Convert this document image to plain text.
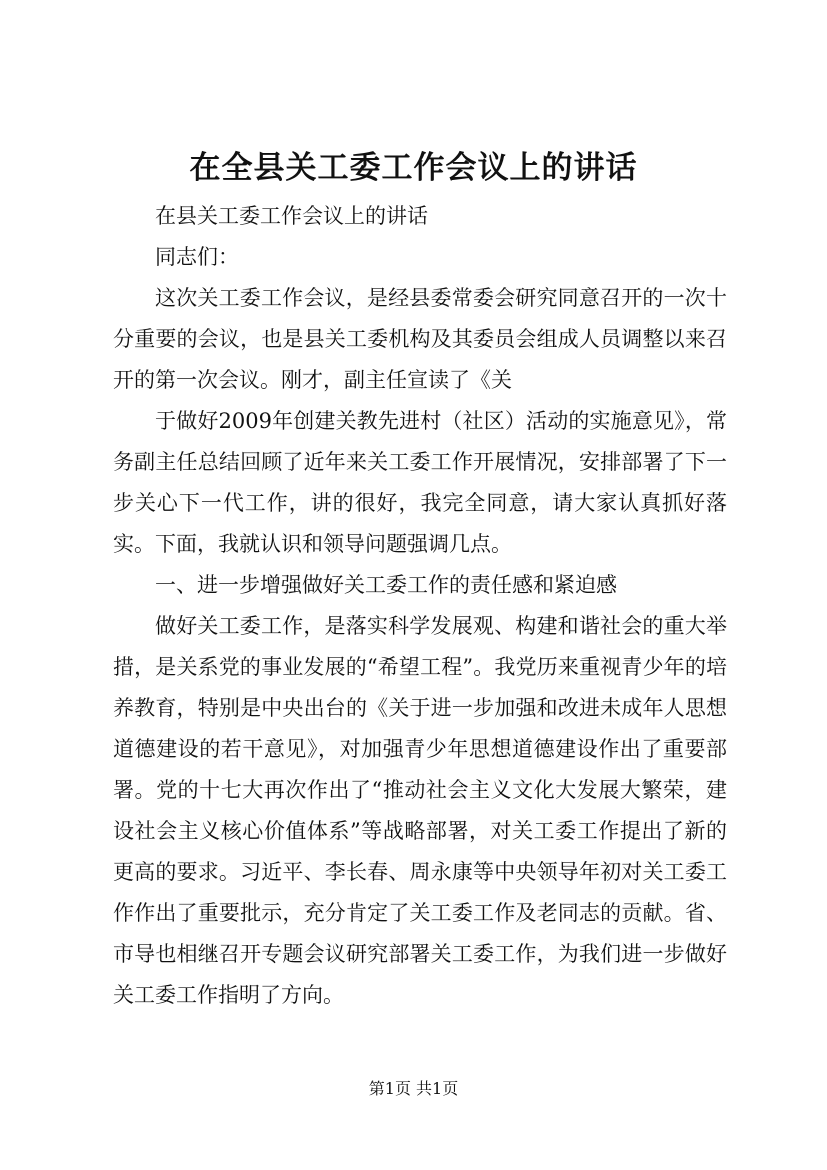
在全县关工委工作会议上的讲话

在县关工委工作会议上的讲话

同志们：

这次关工委工作会议，是经县委常委会研究同意召开的一次十分重要的会议，也是县关工委机构及其委员会组成人员调整以来召开的第一次会议。刚才，副主任宣读了《关

于做好2009年创建关教先进村（社区）活动的实施意见》，常务副主任总结回顾了近年来关工委工作开展情况，安排部署了下一步关心下一代工作，讲的很好，我完全同意，请大家认真抓好落实。下面，我就认识和领导问题强调几点。

一、进一步增强做好关工委工作的责任感和紧迫感

做好关工委工作，是落实科学发展观、构建和谐社会的重大举措，是关系党的事业发展的“希望工程”。我党历来重视青少年的培养教育，特别是中央出台的《关于进一步加强和改进未成年人思想道德建设的若干意见》，对加强青少年思想道德建设作出了重要部署。党的十七大再次作出了“推动社会主义文化大发展大繁荣，建设社会主义核心价值体系”等战略部署，对关工委工作提出了新的更高的要求。习近平、李长春、周永康等中央领导年初对关工委工作作出了重要批示，充分肯定了关工委工作及老同志的贡献。省、市导也相继召开专题会议研究部署关工委工作，为我们进一步做好关工委工作指明了方向。

第1页 共1页
